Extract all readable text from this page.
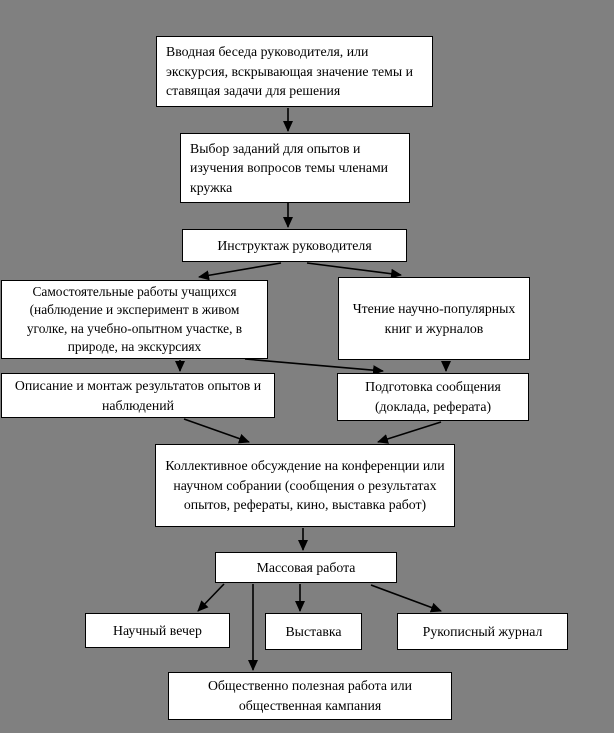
Вводная беседа руководителя, или экскурсия, вскрывающая значение темы и ставящая задачи для решения
Выбор заданий для опытов и изучения вопросов темы членами кружка
Инструктаж руководителя
Самостоятельные работы учащихся (наблюдение и эксперимент в живом уголке, на учебно-опытном участке, в природе, на экскурсиях
Чтение научно-популярных книг и журналов
Описание и монтаж результатов опытов и наблюдений
Подготовка сообщения (доклада, реферата)
Коллективное обсуждение на конференции или научном собрании (сообщения о результатах опытов, рефераты, кино, выставка работ)
Массовая работа
Научный вечер	Выставка	Рукописный журнал
Общественно полезная работа или общественная кампания
